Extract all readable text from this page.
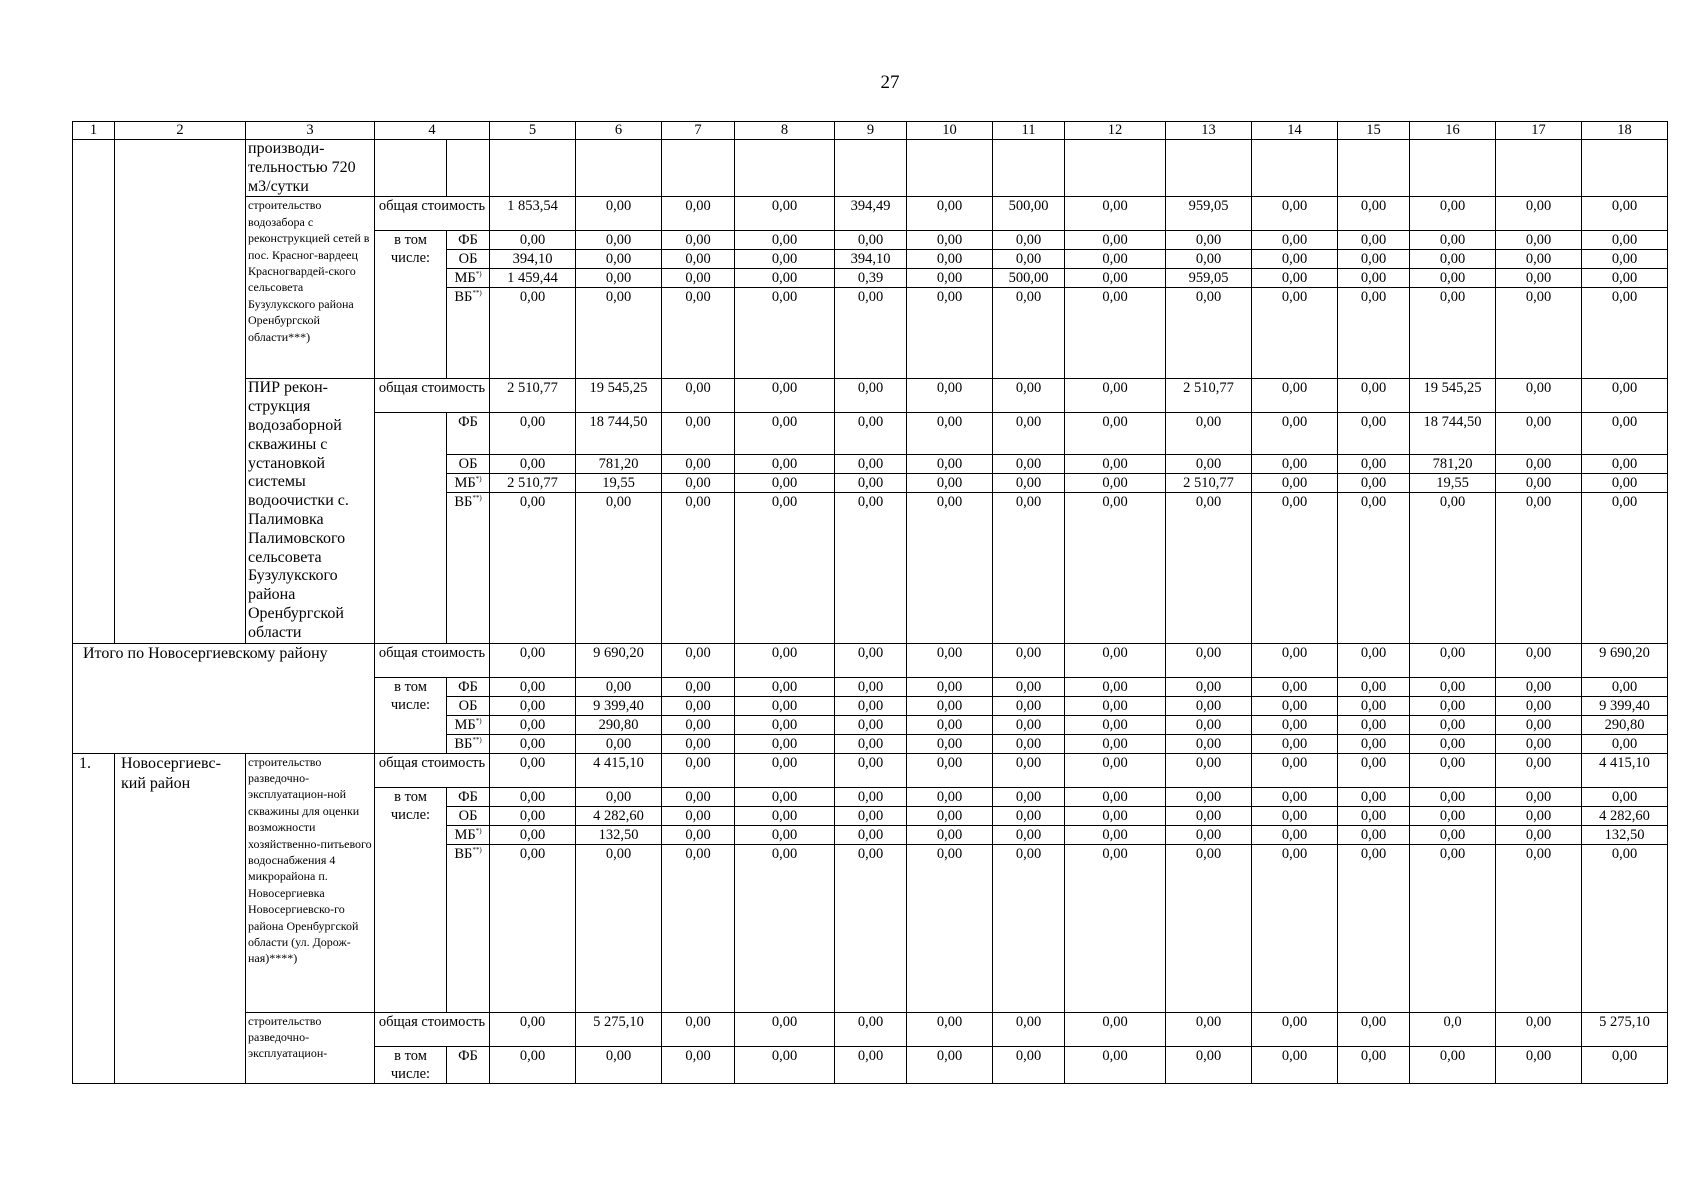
27
1	2	3	4		5	6	7	8	9	10	11	12	13	14	15	16	17	18
		производи-тельностью 720 м3/сутки																
		строительство водозабора с реконструкцией сетей в пос. Красног-вардеец Красногвардей-ского сельсовета Бузулукского района Оренбургской области***)	общая стоимость		1 853,54	0,00	0,00	0,00	394,49	0,00	500,00	0,00	959,05	0,00	0,00	0,00	0,00	0,00
			в том числе:	ФБ	0,00	0,00	0,00	0,00	0,00	0,00	0,00	0,00	0,00	0,00	0,00	0,00	0,00	0,00
				ОБ	394,10	0,00	0,00	0,00	394,10	0,00	0,00	0,00	0,00	0,00	0,00	0,00	0,00	0,00
				МБ*)	1 459,44	0,00	0,00	0,00	0,39	0,00	500,00	0,00	959,05	0,00	0,00	0,00	0,00	0,00
				ВБ**)	0,00	0,00	0,00	0,00	0,00	0,00	0,00	0,00	0,00	0,00	0,00	0,00	0,00	0,00
		ПИР рекон-струкция водозаборной скважины с установкой системы водоочистки с. Палимовка Палимовского сельсовета Бузулукского района Оренбургской области	общая стоимость		2 510,77	19 545,25	0,00	0,00	0,00	0,00	0,00	0,00	2 510,77	0,00	0,00	19 545,25	0,00	0,00
				ФБ	0,00	18 744,50	0,00	0,00	0,00	0,00	0,00	0,00	0,00	0,00	0,00	18 744,50	0,00	0,00
				ОБ	0,00	781,20	0,00	0,00	0,00	0,00	0,00	0,00	0,00	0,00	0,00	781,20	0,00	0,00
				МБ*)	2 510,77	19,55	0,00	0,00	0,00	0,00	0,00	0,00	2 510,77	0,00	0,00	19,55	0,00	0,00
				ВБ**)	0,00	0,00	0,00	0,00	0,00	0,00	0,00	0,00	0,00	0,00	0,00	0,00	0,00	0,00
Итого по Новосергиевскому району			общая стоимость		0,00	9 690,20	0,00	0,00	0,00	0,00	0,00	0,00	0,00	0,00	0,00	0,00	0,00	9 690,20
			в том числе:	ФБ	0,00	0,00	0,00	0,00	0,00	0,00	0,00	0,00	0,00	0,00	0,00	0,00	0,00	0,00
				ОБ	0,00	9 399,40	0,00	0,00	0,00	0,00	0,00	0,00	0,00	0,00	0,00	0,00	0,00	9 399,40
				МБ*)	0,00	290,80	0,00	0,00	0,00	0,00	0,00	0,00	0,00	0,00	0,00	0,00	0,00	290,80
				ВБ**)	0,00	0,00	0,00	0,00	0,00	0,00	0,00	0,00	0,00	0,00	0,00	0,00	0,00	0,00
1.	Новосергиевс-кий район	строительство разведочно-эксплуатацион-ной скважины для оценки возможности хозяйственно-питьевого водоснабжения 4 микрорайона п. Новосергиевка Новосергиевско-го района Оренбургской области (ул. Дорож-ная)****)	общая стоимость		0,00	4 415,10	0,00	0,00	0,00	0,00	0,00	0,00	0,00	0,00	0,00	0,00	0,00	4 415,10
			в том числе:	ФБ	0,00	0,00	0,00	0,00	0,00	0,00	0,00	0,00	0,00	0,00	0,00	0,00	0,00	0,00
				ОБ	0,00	4 282,60	0,00	0,00	0,00	0,00	0,00	0,00	0,00	0,00	0,00	0,00	0,00	4 282,60
				МБ*)	0,00	132,50	0,00	0,00	0,00	0,00	0,00	0,00	0,00	0,00	0,00	0,00	0,00	132,50
				ВБ**)	0,00	0,00	0,00	0,00	0,00	0,00	0,00	0,00	0,00	0,00	0,00	0,00	0,00	0,00
		строительство разведочно-эксплуатацион-	общая стоимость		0,00	5 275,10	0,00	0,00	0,00	0,00	0,00	0,00	0,00	0,00	0,00	0,0	0,00	5 275,10
			в том числе:	ФБ	0,00	0,00	0,00	0,00	0,00	0,00	0,00	0,00	0,00	0,00	0,00	0,00	0,00	0,00
